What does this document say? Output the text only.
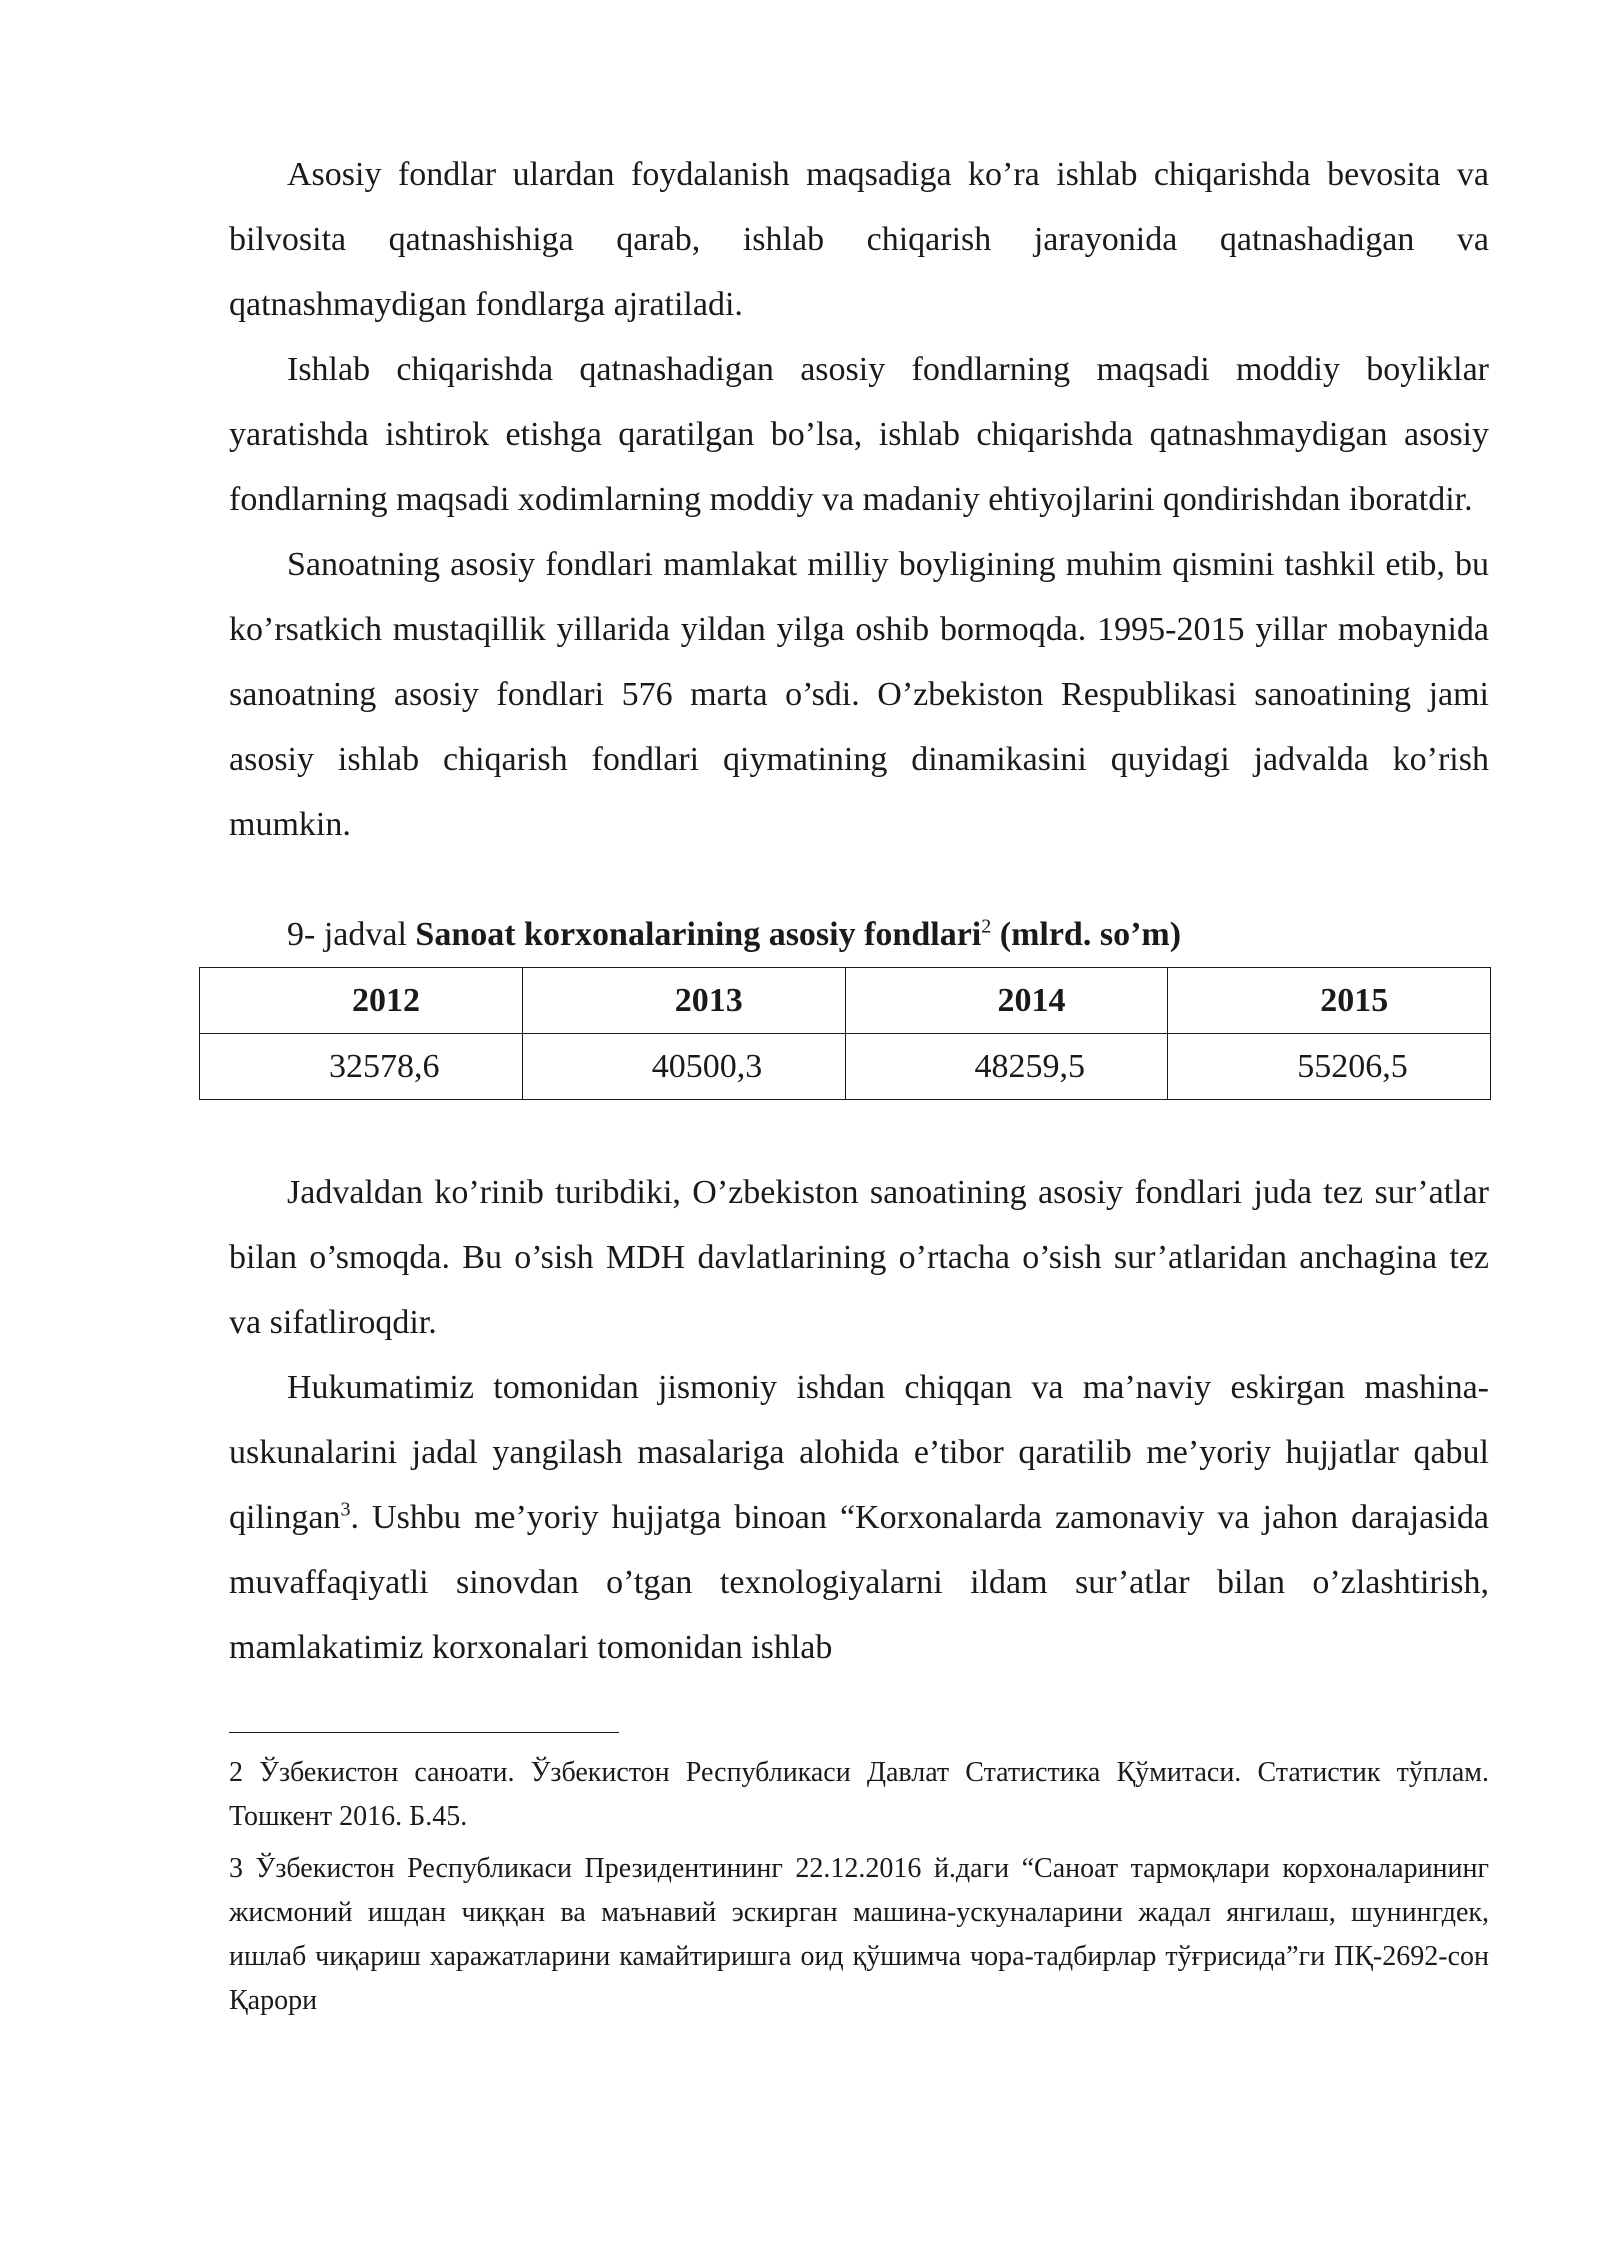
Asosiy fondlar ulardan foydalanish maqsadiga ko’ra ishlab chiqarishda bevosita va bilvosita qatnashishiga qarab, ishlab chiqarish jarayonida qatnashadigan va qatnashmaydigan fondlarga ajratiladi.

Ishlab chiqarishda qatnashadigan asosiy fondlarning maqsadi moddiy boyliklar yaratishda ishtirok etishga qaratilgan bo’lsa, ishlab chiqarishda qatnashmaydigan asosiy fondlarning maqsadi xodimlarning moddiy va madaniy ehtiyojlarini qondirishdan iboratdir.

Sanoatning asosiy fondlari mamlakat milliy boyligining muhim qismini tashkil etib, bu ko’rsatkich mustaqillik yillarida yildan yilga oshib bormoqda. 1995-2015 yillar mobaynida sanoatning asosiy fondlari 576 marta o’sdi. O’zbekiston Respublikasi sanoatining jami asosiy ishlab chiqarish fondlari qiymatining dinamikasini quyidagi jadvalda ko’rish mumkin.

9- jadval Sanoat korxonalarining asosiy fondlari$^2$ (mlrd. so’m)
2012	2013	2014	2015
32578,6	40500,3	48259,5	55206,5

Jadvaldan ko’rinib turibdiki, O’zbekiston sanoatining asosiy fondlari juda tez sur’atlar bilan o’smoqda. Bu o’sish MDH davlatlarining o’rtacha o’sish sur’atlaridan anchagina tez va sifatliroqdir.

Hukumatimiz tomonidan jismoniy ishdan chiqqan va ma’naviy eskirgan mashina-uskunalarini jadal yangilash masalariga alohida e’tibor qaratilib me’yoriy hujjatlar qabul qilingan$^3$. Ushbu me’yoriy hujjatga binoan “Korxonalarda zamonaviy va jahon darajasida muvaffaqiyatli sinovdan o’tgan texnologiyalarni ildam sur’atlar bilan o’zlashtirish, mamlakatimiz korxonalari tomonidan ishlab

2 Ўзбекистон саноати. Ўзбекистон Республикаси Давлат Статистика Қўмитаси. Статистик тўплам. Тошкент 2016. Б.45.

3 Ўзбекистон Республикаси Президентининг 22.12.2016 й.даги “Саноат тармоқлари корхоналарининг жисмоний ишдан чиққан ва маънавий эскирган машина-ускуналарини жадал янгилаш, шунингдек, ишлаб чиқариш харажатларини камайтиришга оид қўшимча чора-тадбирлар тўғрисида”ги ПҚ-2692-сон Қарори
